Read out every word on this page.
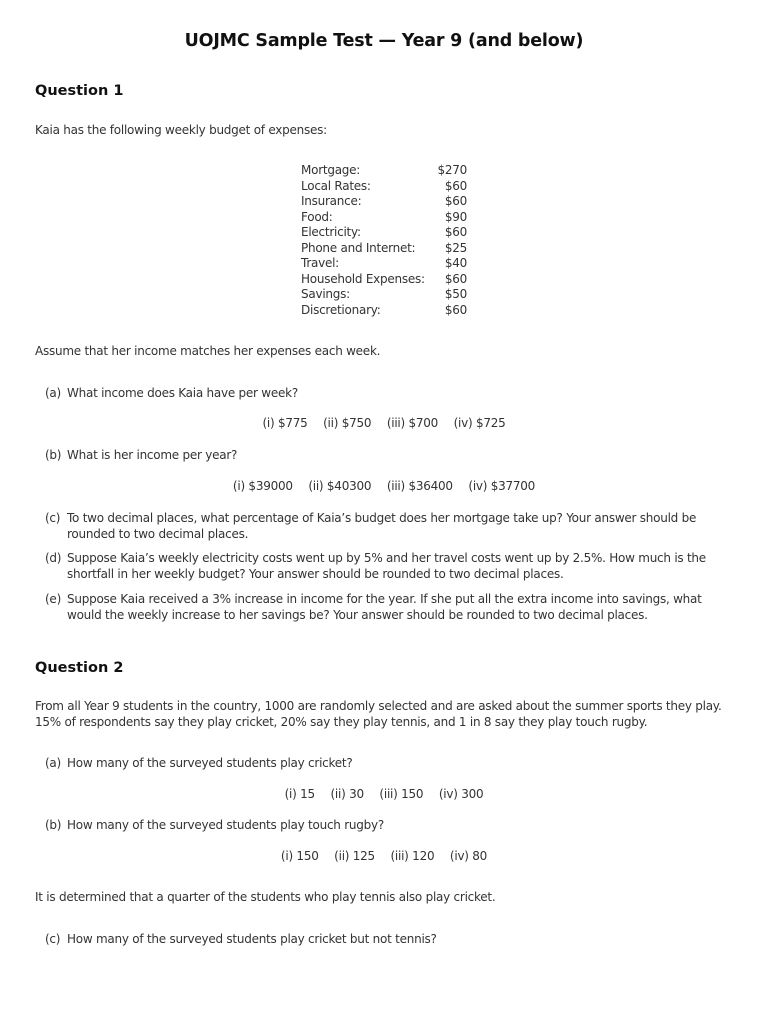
UOJMC Sample Test — Year 9 (and below)
Question 1
Kaia has the following weekly budget of expenses:
Mortgage:	$270
Local Rates:	$60
Insurance:	$60
Food:	$90
Electricity:	$60
Phone and Internet: $25
Travel:	$40
Household Expenses: $60
Savings:	$50
Discretionary:	$60
Assume that her income matches her expenses each week.
(a) What income does Kaia have per week?
(i) $775 (ii) $750 (iii) $700 (iv) $725
(b) What is her income per year?
(i) $39000 (ii) $40300 (iii) $36400 (iv) $37700
(c) To two decimal places, what percentage of Kaia’s budget does her mortgage take up? Your answer should be rounded to two decimal places.
(d) Suppose Kaia’s weekly electricity costs went up by 5% and her travel costs went up by 2.5%. How much is the shortfall in her weekly budget? Your answer should be rounded to two decimal places.
(e) Suppose Kaia received a 3% increase in income for the year. If she put all the extra income into savings, what would the weekly increase to her savings be? Your answer should be rounded to two decimal places.
Question 2
From all Year 9 students in the country, 1000 are randomly selected and are asked about the summer sports they play. 15% of respondents say they play cricket, 20% say they play tennis, and 1 in 8 say they play touch rugby.
(a) How many of the surveyed students play cricket?
(i) 15 (ii) 30 (iii) 150 (iv) 300
(b) How many of the surveyed students play touch rugby?
(i) 150 (ii) 125 (iii) 120 (iv) 80
It is determined that a quarter of the students who play tennis also play cricket.
(c) How many of the surveyed students play cricket but not tennis?
